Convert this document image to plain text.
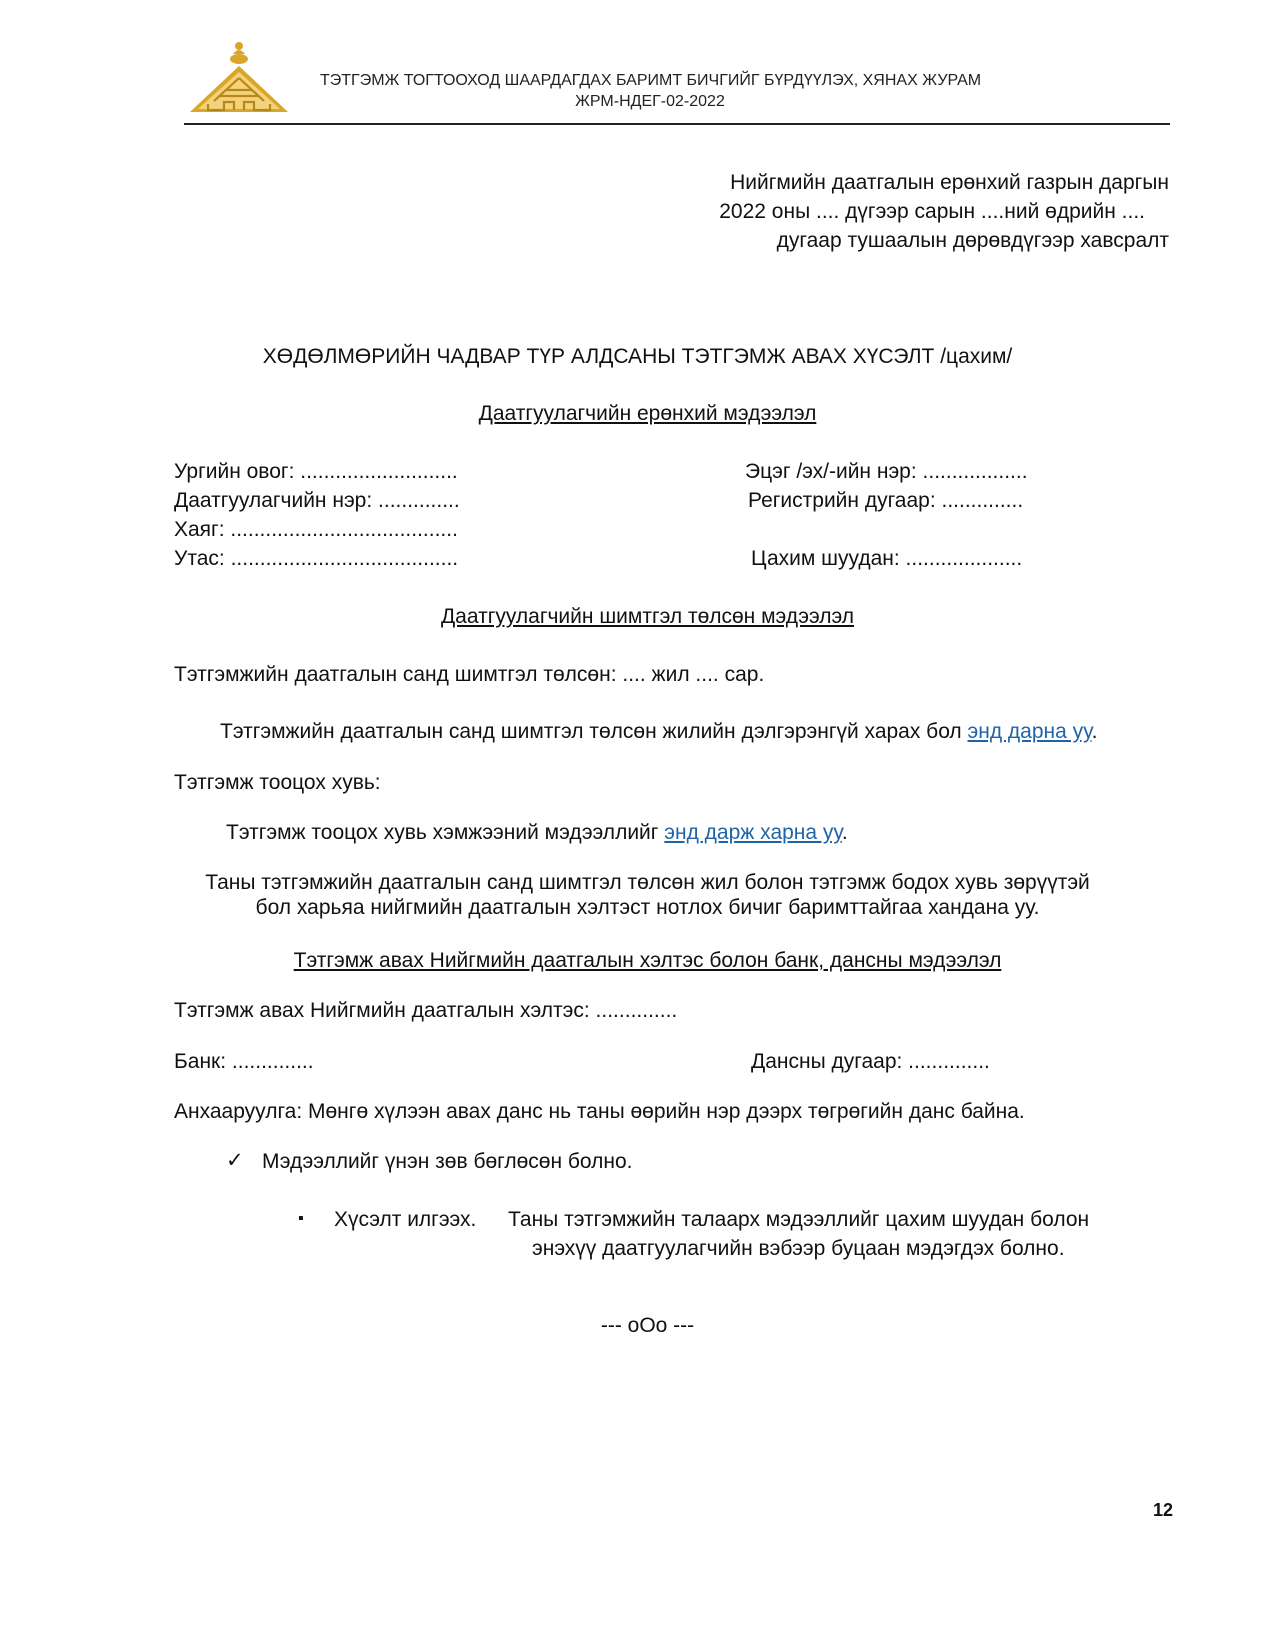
ТЭТГЭМЖ ТОГТООХОД ШААРДАГДАХ БАРИМТ БИЧГИЙГ БҮРДҮҮЛЭХ, ХЯНАХ ЖУРАМ
ЖРМ-НДЕГ-02-2022
Нийгмийн даатгалын ерөнхий газрын даргын
2022 оны .... дүгээр сарын ....ний өдрийн ....
дугаар тушаалын дөрөвдүгээр хавсралт
ХӨДӨЛМӨРИЙН ЧАДВАР ТҮР АЛДСАНЫ ТЭТГЭМЖ АВАХ ХҮСЭЛТ /цахим/
Даатгуулагчийн ерөнхий мэдээлэл
Ургийн овог: ...........................	Эцэг /эх/-ийн нэр: ..................
Даатгуулагчийн нэр: ..............	Регистрийн дугаар: ..............
Хаяг: .......................................
Утас: .......................................	Цахим шуудан: ....................
Даатгуулагчийн шимтгэл төлсөн мэдээлэл
Тэтгэмжийн даатгалын санд шимтгэл төлсөн: .... жил .... сар.
Тэтгэмжийн даатгалын санд шимтгэл төлсөн жилийн дэлгэрэнгүй харах бол энд дарна уу.
Тэтгэмж тооцох хувь:
Тэтгэмж тооцох хувь хэмжээний мэдээллийг энд дарж харна уу.
Таны тэтгэмжийн даатгалын санд шимтгэл төлсөн жил болон тэтгэмж бодох хувь зөрүүтэй
бол харьяа нийгмийн даатгалын хэлтэст нотлох бичиг баримттайгаа хандана уу.
Тэтгэмж авах Нийгмийн даатгалын хэлтэс болон банк, дансны мэдээлэл
Тэтгэмж авах Нийгмийн даатгалын хэлтэс: ..............
Банк: ..............	Дансны дугаар: ..............
Анхааруулга: Мөнгө хүлээн авах данс нь таны өөрийн нэр дээрх төгрөгийн данс байна.
✓ Мэдээллийг үнэн зөв бөглөсөн болно.
▪ Хүсэлт илгээх. Таны тэтгэмжийн талаарх мэдээллийг цахим шуудан болон
энэхүү даатгуулагчийн вэбээр буцаан мэдэгдэх болно.
--- оОо ---
12
